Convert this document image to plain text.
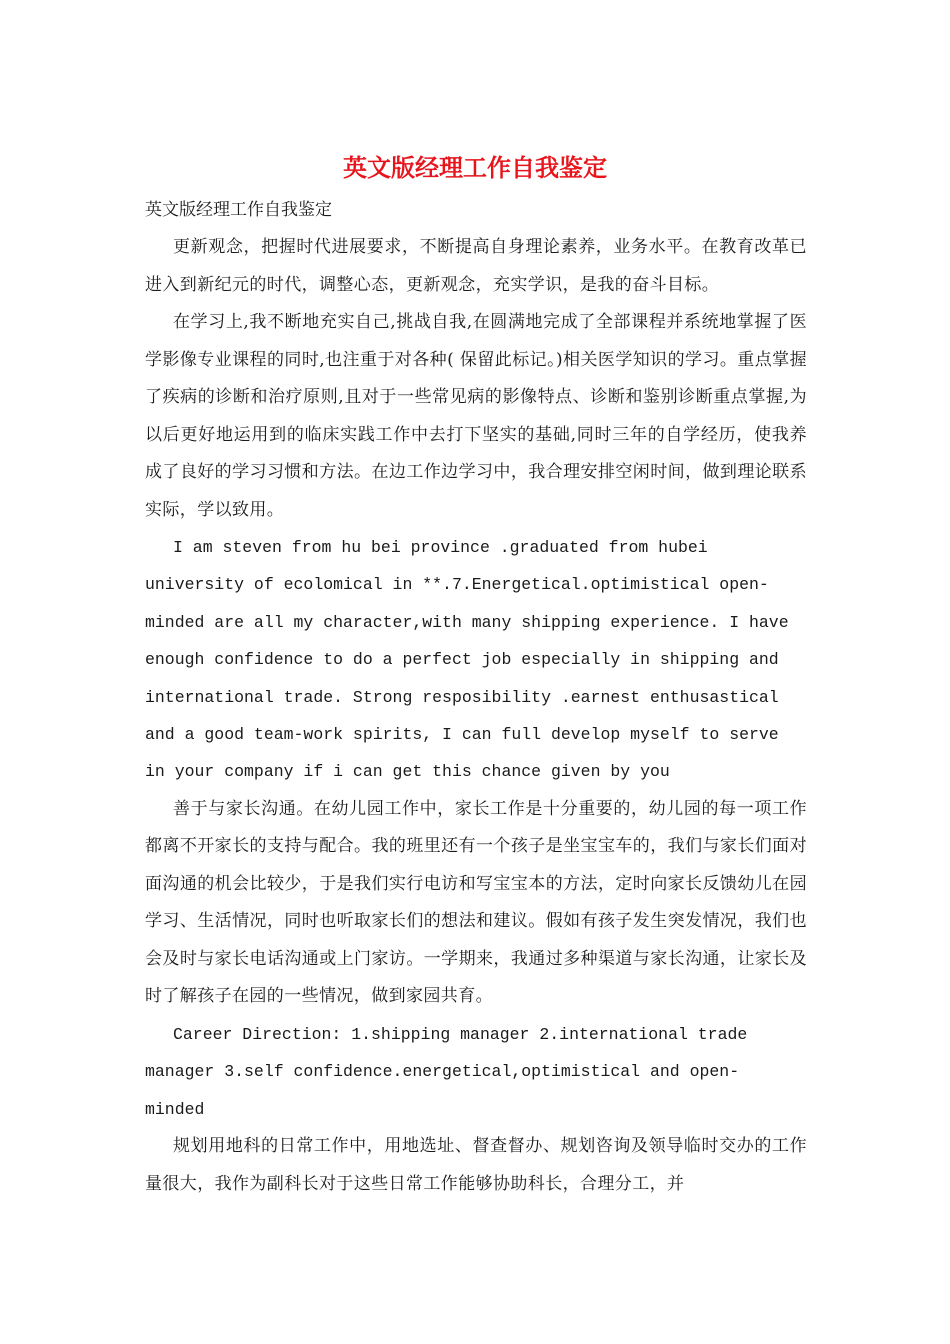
英文版经理工作自我鉴定

英文版经理工作自我鉴定

更新观念，把握时代进展要求，不断提高自身理论素养，业务水平。在教育改革已进入到新纪元的时代，调整心态，更新观念，充实学识，是我的奋斗目标。

在学习上,我不断地充实自己,挑战自我,在圆满地完成了全部课程并系统地掌握了医学影像专业课程的同时,也注重于对各种( 保留此标记。)相关医学知识的学习。重点掌握了疾病的诊断和治疗原则,且对于一些常见病的影像特点、诊断和鉴别诊断重点掌握,为以后更好地运用到的临床实践工作中去打下坚实的基础,同时三年的自学经历，使我养成了良好的学习习惯和方法。在边工作边学习中，我合理安排空闲时间，做到理论联系实际，学以致用。

I am steven from hu bei province .graduated from hubei university of ecolomical in **.7.Energetical.optimistical open- minded are all my character,with many shipping experience. I have enough confidence to do a perfect job especially in shipping and international trade. Strong resposibility .earnest enthusastical and a good team-work spirits, I can full develop myself to serve in your company if i can get this chance given by you

善于与家长沟通。在幼儿园工作中，家长工作是十分重要的，幼儿园的每一项工作都离不开家长的支持与配合。我的班里还有一个孩子是坐宝宝车的，我们与家长们面对面沟通的机会比较少，于是我们实行电访和写宝宝本的方法，定时向家长反馈幼儿在园学习、生活情况，同时也听取家长们的想法和建议。假如有孩子发生突发情况，我们也会及时与家长电话沟通或上门家访。一学期来，我通过多种渠道与家长沟通，让家长及时了解孩子在园的一些情况，做到家园共育。

Career Direction: 1.shipping manager 2.international trade manager 3.self confidence.energetical,optimistical and open- minded

规划用地科的日常工作中，用地选址、督查督办、规划咨询及领导临时交办的工作量很大，我作为副科长对于这些日常工作能够协助科长，合理分工，并
